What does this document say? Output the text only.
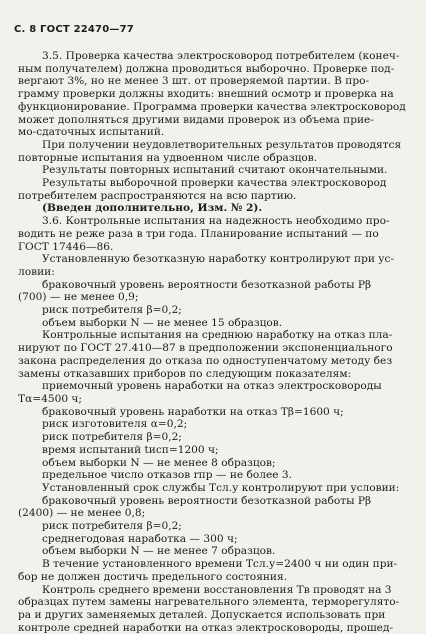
С. 8 ГОСТ 22470—77

3.5. Проверка качества электросковород потребителем (конеч-

ным получателем) должна проводиться выборочно. Проверке под-

вергают 3%, но не менее 3 шт. от проверяемой партии. В про-

грамму проверки должны входить: внешний осмотр и проверка на

функционирование. Программа проверки качества электросковород

может дополняться другими видами проверок из объема прие-

мо-сдаточных испытаний.

При получении неудовлетворительных результатов проводятся

повторные испытания на удвоенном числе образцов.

Результаты повторных испытаний считают окончательными.

Результаты выборочной проверки качества электросковород

потребителем распространяются на всю партию.

(Введен дополнительно, Изм. № 2).

3.6. Контрольные испытания на надежность необходимо про-

водить не реже раза в три года. Планирование испытаний — по

ГОСТ 17446—86.

Установленную безотказную наработку контролируют при ус-

ловии:

браковочный уровень вероятности безотказной работы Pβ

(700) — не менее 0,9;

риск потребителя β=0,2;

объем выборки N — не менее 15 образцов.

Контрольные испытания на среднюю наработку на отказ пла-

нируют по ГОСТ 27.410—87 в предположении экспоненциального

закона распределения до отказа по одноступенчатому методу без

замены отказавших приборов по следующим показателям:

приемочный уровень наработки на отказ электросковороды

Tα=4500 ч;

браковочный уровень наработки на отказ Tβ=1600 ч;

риск изготовителя α=0,2;

риск потребителя β=0,2;

время испытаний tисп=1200 ч;

объем выборки N — не менее 8 образцов;

предельное число отказов rпр — не более 3.

Установленный срок службы Tсл.у контролируют при условии:

браковочный уровень вероятности безотказной работы Pβ

(2400) — не менее 0,8;

риск потребителя β=0,2;

среднегодовая наработка — 300 ч;

объем выборки N — не менее 7 образцов.

В течение установленного времени Tсл.у=2400 ч ни один при-

бор не должен достичь предельного состояния.

Контроль среднего времени восстановления Tв проводят на 3

образцах путем замены нагревательного элемента, терморегулято-

ра и других заменяемых деталей. Допускается использовать при

контроле средней наработки на отказ электросковороды, прошед-
